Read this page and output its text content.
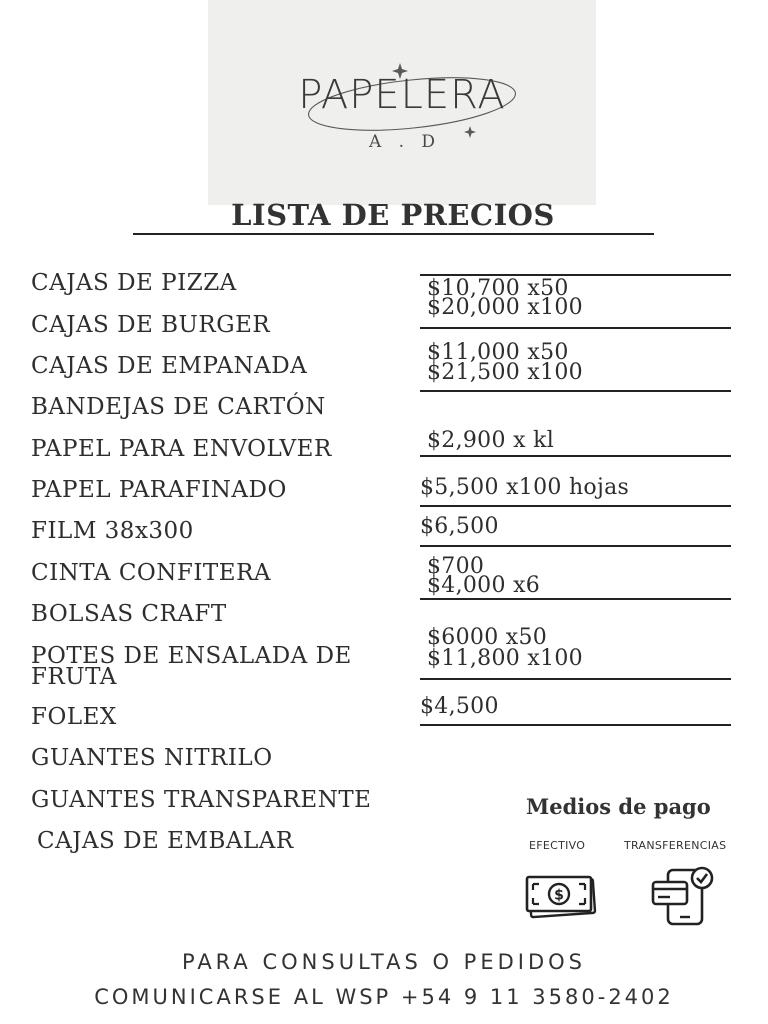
PAPELERA
A . D
LISTA DE PRECIOS
CAJAS DE PIZZA
CAJAS DE BURGER
CAJAS DE EMPANADA
BANDEJAS DE CARTÓN
PAPEL PARA ENVOLVER
PAPEL PARAFINADO
FILM 38x300
CINTA CONFITERA
BOLSAS CRAFT
POTES DE ENSALADA DE
FRUTA
FOLEX
GUANTES NITRILO
GUANTES TRANSPARENTE
CAJAS DE EMBALAR
$10,700 x50
$20,000 x100
$11,000 x50
$21,500 x100
$2,900 x kl
$5,500 x100 hojas
$6,500
$700
$4,000 x6
$6000 x50
$11,800 x100
$4,500
Medios de pago
EFECTIVO	TRANSFERENCIAS
$
PARA CONSULTAS O PEDIDOS
COMUNICARSE AL WSP +54 9 11 3580-2402
